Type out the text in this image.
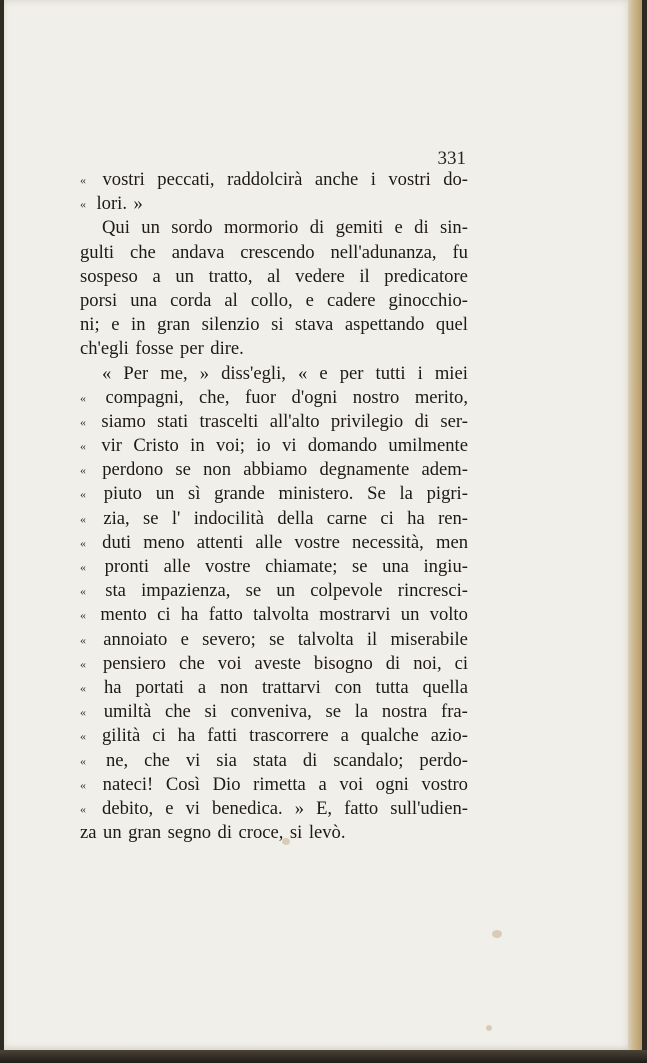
331
« vostri peccati, raddolcirà anche i vostri do-
« lori. »
Qui un sordo mormorio di gemiti e di sin-
gulti che andava crescendo nell'adunanza, fu
sospeso a un tratto, al vedere il predicatore
porsi una corda al collo, e cadere ginocchio-
ni; e in gran silenzio si stava aspettando quel
ch'egli fosse per dire.
« Per me, » diss'egli, « e per tutti i miei
« compagni, che, fuor d'ogni nostro merito,
« siamo stati trascelti all'alto privilegio di ser-
« vir Cristo in voi; io vi domando umilmente
« perdono se non abbiamo degnamente adem-
« piuto un sì grande ministero. Se la pigri-
« zia, se l' indocilità della carne ci ha ren-
« duti meno attenti alle vostre necessità, men
« pronti alle vostre chiamate; se una ingiu-
« sta impazienza, se un colpevole rincresci-
« mento ci ha fatto talvolta mostrarvi un volto
« annoiato e severo; se talvolta il miserabile
« pensiero che voi aveste bisogno di noi, ci
« ha portati a non trattarvi con tutta quella
« umiltà che si conveniva, se la nostra fra-
« gilità ci ha fatti trascorrere a qualche azio-
« ne, che vi sia stata di scandalo; perdo-
« nateci! Così Dio rimetta a voi ogni vostro
« debito, e vi benedica. » E, fatto sull'udien-
za un gran segno di croce, si levò.
